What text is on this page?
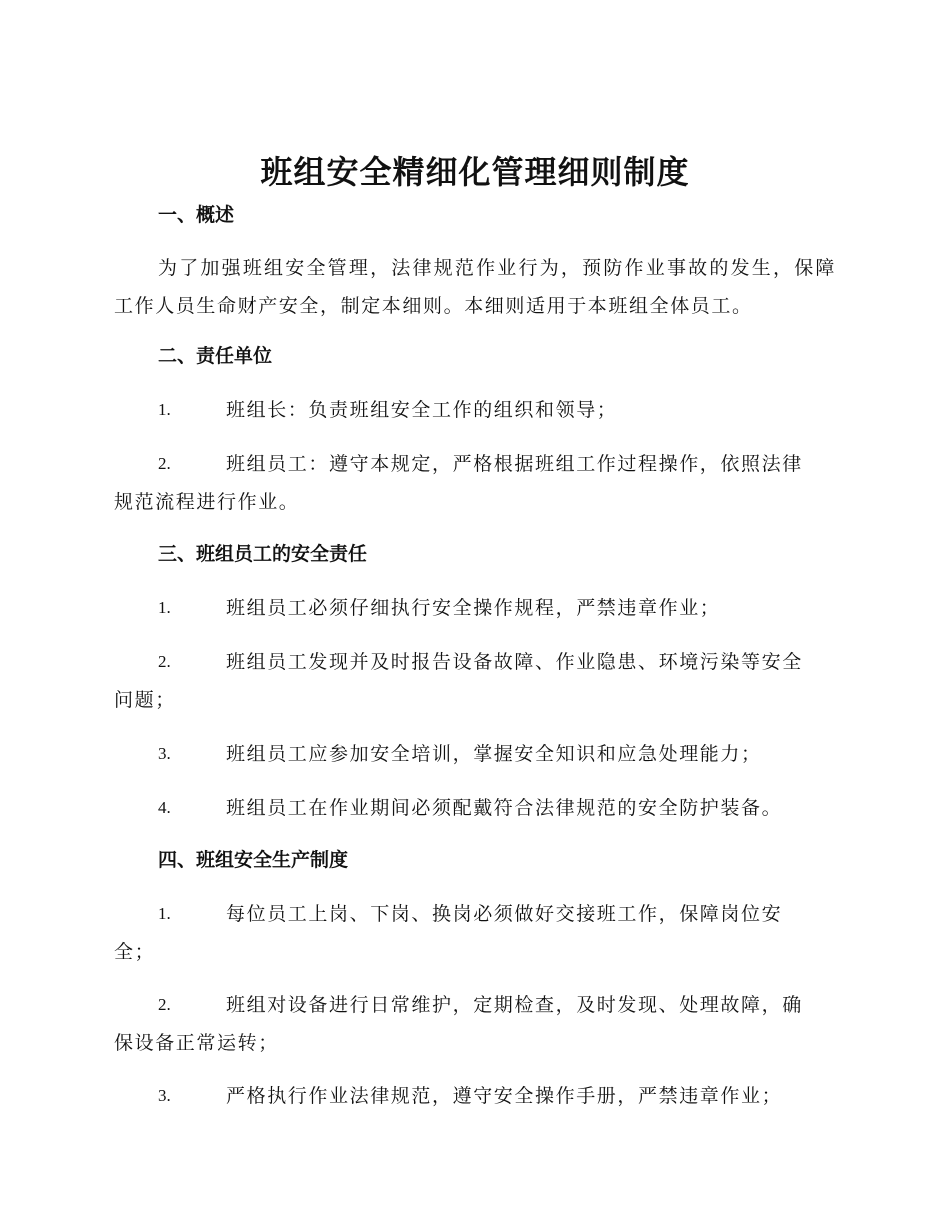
班组安全精细化管理细则制度
一、概述
为了加强班组安全管理，法律规范作业行为，预防作业事故的发生，保障工作人员生命财产安全，制定本细则。本细则适用于本班组全体员工。
二、责任单位
1.	班组长：负责班组安全工作的组织和领导；
2.	班组员工：遵守本规定，严格根据班组工作过程操作，依照法律
规范流程进行作业。
三、班组员工的安全责任
1.	班组员工必须仔细执行安全操作规程，严禁违章作业；
2.	班组员工发现并及时报告设备故障、作业隐患、环境污染等安全
问题；
3.	班组员工应参加安全培训，掌握安全知识和应急处理能力；
4.	班组员工在作业期间必须配戴符合法律规范的安全防护装备。
四、班组安全生产制度
1.	每位员工上岗、下岗、换岗必须做好交接班工作，保障岗位安
全；
2.	班组对设备进行日常维护，定期检查，及时发现、处理故障，确
保设备正常运转；
3.	严格执行作业法律规范，遵守安全操作手册，严禁违章作业；
